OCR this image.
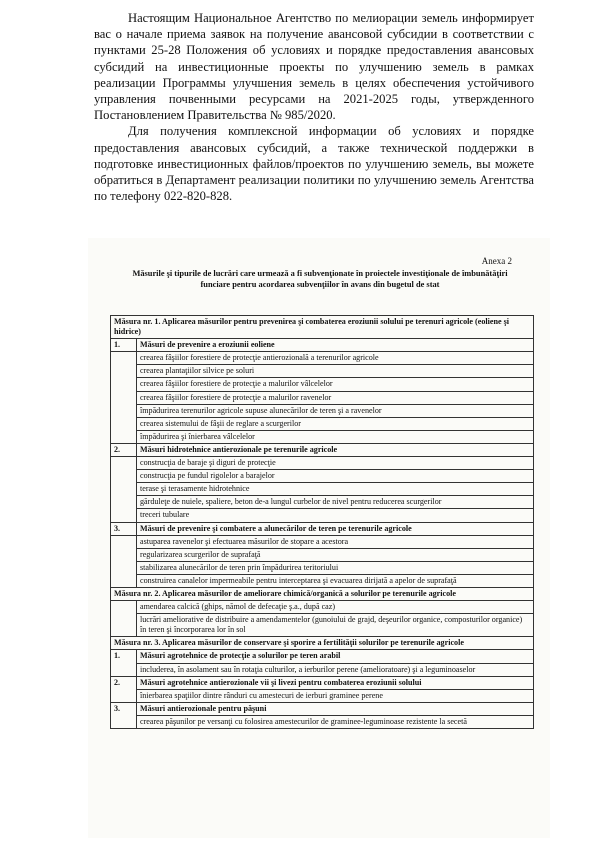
Настоящим Национальное Агентство по мелиорации земель информирует вас о начале приема заявок на получение авансовой субсидии в соответствии с пунктами 25-28 Положения об условиях и порядке предоставления авансовых субсидий на инвестиционные проекты по улучшению земель в рамках реализации Программы улучшения земель в целях обеспечения устойчивого управления почвенными ресурсами на 2021-2025 годы, утвержденного Постановлением Правительства № 985/2020.

Для получения комплексной информации об условиях и порядке предоставления авансовых субсидий, а также технической поддержки в подготовке инвестиционных файлов/проектов по улучшению земель, вы можете обратиться в Департамент реализации политики по улучшению земель Агентства по телефону 022-820-828.

Anexa 2
Măsurile şi tipurile de lucrări care urmează a fi subvenţionate în proiectele investiţionale de îmbunătăţiri funciare pentru acordarea subvenţiilor în avans din bugetul de stat
Măsura nr. 1. Aplicarea măsurilor pentru prevenirea şi combaterea eroziunii solului pe terenuri agricole (eoliene şi hidrice)	
1.	Măsuri de prevenire a eroziunii eoliene
	crearea fâşiilor forestiere de protecţie antierozională a terenurilor agricole
	crearea plantaţiilor silvice pe soluri
	crearea fâşiilor forestiere de protecţie a malurilor vâlcelelor
	crearea fâşiilor forestiere de protecţie a malurilor ravenelor
	împădurirea terenurilor agricole supuse alunecărilor de teren şi a ravenelor
	crearea sistemului de fâşii de reglare a scurgerilor
	împădurirea şi înierbarea vâlcelelor
2.	Măsuri hidrotehnice antierozionale pe terenurile agricole
	construcţia de baraje şi diguri de protecţie
	construcţia pe fundul rigolelor a barajelor
	terase şi terasamente hidrotehnice
	gărduleţe de nuiele, spaliere, beton de-a lungul curbelor de nivel pentru reducerea scurgerilor
	treceri tubulare
3.	Măsuri de prevenire şi combatere a alunecărilor de teren pe terenurile agricole
	astuparea ravenelor şi efectuarea măsurilor de stopare a acestora
	regularizarea scurgerilor de suprafaţă
	stabilizarea alunecărilor de teren prin împădurirea teritoriului
	construirea canalelor impermeabile pentru interceptarea şi evacuarea dirijată a apelor de suprafaţă
Măsura nr. 2. Aplicarea măsurilor de ameliorare chimică/organică a solurilor pe terenurile agricole	
	amendarea calcică (ghips, nămol de defecaţie ş.a., după caz)
	lucrări ameliorative de distribuire a amendamentelor (gunoiului de grajd, deşeurilor organice, composturilor organice) în teren şi încorporarea lor în sol
Măsura nr. 3. Aplicarea măsurilor de conservare şi sporire a fertilităţii solurilor pe terenurile agricole	
1.	Măsuri agrotehnice de protecţie a solurilor pe teren arabil
	includerea, în asolament sau în rotaţia culturilor, a ierburilor perene (amelioratoare) şi a leguminoaselor
2.	Măsuri agrotehnice antierozionale vii şi livezi pentru combaterea eroziunii solului
	înierbarea spaţiilor dintre rânduri cu amestecuri de ierburi graminee perene
3.	Măsuri antierozionale pentru păşuni
	crearea păşunilor pe versanţi cu folosirea amestecurilor de graminee-leguminoase rezistente la secetă
